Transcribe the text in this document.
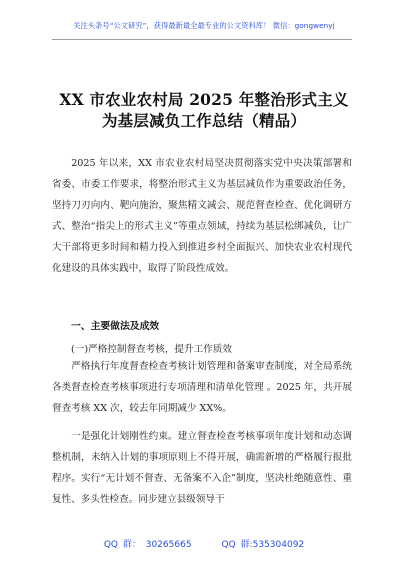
关注头条号“公文研究”，获得最新最全最专业的公文资料库！ 微信：gongwenyj
XX 市农业农村局 2025 年整治形式主义
为基层减负工作总结（精品）

2025 年以来，XX 市农业农村局坚决贯彻落实党中央决策部署和省委、市委工作要求，将整治形式主义为基层减负作为重要政治任务，坚持刀刃向内、靶向施治，聚焦精文减会、规范督查检查、优化调研方式、整治“指尖上的形式主义”等重点领域，持续为基层松绑减负，让广大干部将更多时间和精力投入到推进乡村全面振兴、加快农业农村现代化建设的具体实践中，取得了阶段性成效。

一、主要做法及成效
(一)严格控制督查考核，提升工作质效

严格执行年度督查检查考核计划管理和备案审查制度，对全局系统各类督查检查考核事项进行专项清理和清单化管理 。2025 年，共开展督查考核 XX 次，较去年同期减少 XX%。

一是强化计划刚性约束。建立督查检查考核事项年度计划和动态调整机制，未纳入计划的事项原则上不得开展，确需新增的严格履行报批程序。实行“无计划不督查、无备案不入企”制度，坚决杜绝随意性、重复性、多头性检查。同步建立县级领导干

QQ 群： 30265665	QQ 群:535304092
